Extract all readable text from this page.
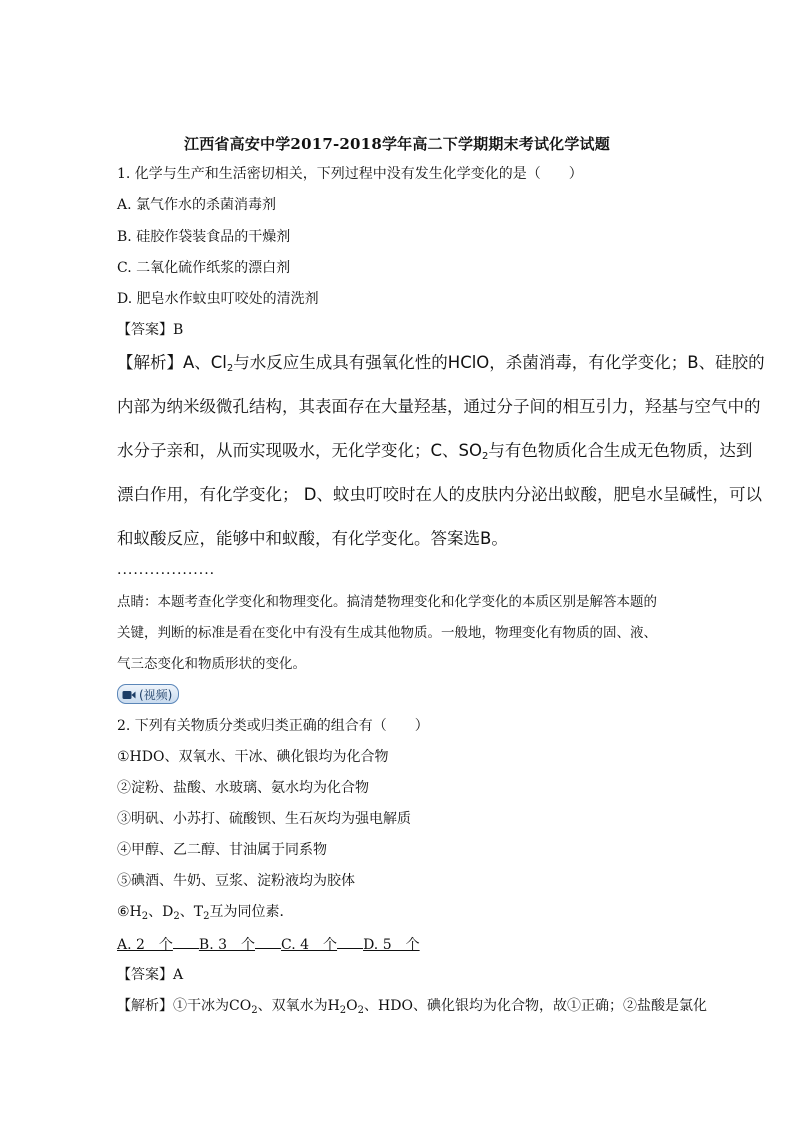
江西省高安中学2017-2018学年高二下学期期末考试化学试题
1. 化学与生产和生活密切相关，下列过程中没有发生化学变化的是（　　）
A. 氯气作水的杀菌消毒剂
B. 硅胶作袋装食品的干燥剂
C. 二氧化硫作纸浆的漂白剂
D. 肥皂水作蚊虫叮咬处的清洗剂
【答案】B
【解析】A、$Cl_2$与水反应生成具有强氧化性的HClO，杀菌消毒，有化学变化；B、硅胶的
内部为纳米级微孔结构，其表面存在大量羟基，通过分子间的相互引力，羟基与空气中的
水分子亲和，从而实现吸水，无化学变化；C、$SO_2$与有色物质化合生成无色物质，达到
漂白作用，有化学变化； D、蚊虫叮咬时在人的皮肤内分泌出蚁酸，肥皂水呈碱性，可以
和蚁酸反应，能够中和蚁酸，有化学变化。答案选B。
..................
点睛：本题考查化学变化和物理变化。搞清楚物理变化和化学变化的本质区别是解答本题的
关键，判断的标准是看在变化中有没有生成其他物质。一般地，物理变化有物质的固、液、
气三态变化和物质形状的变化。
(视频)
2. 下列有关物质分类或归类正确的组合有（　　）
①HDO、双氧水、干冰、碘化银均为化合物
②淀粉、盐酸、水玻璃、氨水均为化合物
③明矾、小苏打、硫酸钡、生石灰均为强电解质
④甲醇、乙二醇、甘油属于同系物
⑤碘酒、牛奶、豆浆、淀粉液均为胶体
$⑥H_2$、$D_2$、$T_2$互为同位素．
A. 2　个 B. 3　个 C. 4　个 D. 5　个
【答案】A
【解析】①干冰为$CO_2$、双氧水为$H_2O_2$、HDO、碘化银均为化合物，故①正确；②盐酸是氯化
